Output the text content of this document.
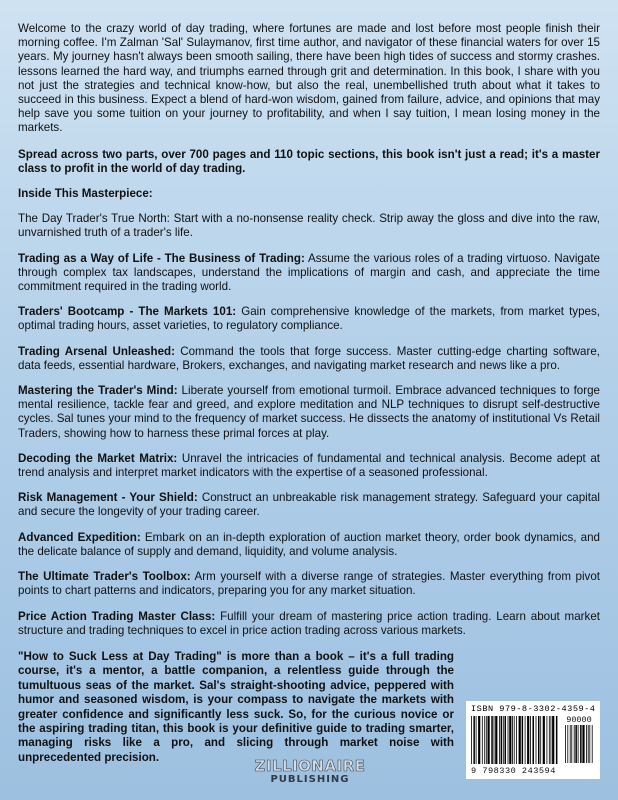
Welcome to the crazy world of day trading, where fortunes are made and lost before most people finish their morning coffee. I'm Zalman 'Sal' Sulaymanov, first time author, and navigator of these financial waters for over 15 years. My journey hasn't always been smooth sailing, there have been high tides of success and stormy crashes. lessons learned the hard way, and triumphs earned through grit and determination. In this book, I share with you not just the strategies and technical know-how, but also the real, unembellished truth about what it takes to succeed in this business. Expect a blend of hard-won wisdom, gained from failure, advice, and opinions that may help save you some tuition on your journey to profitability, and when I say tuition, I mean losing money in the markets.

Spread across two parts, over 700 pages and 110 topic sections, this book isn't just a read; it's a master class to profit in the world of day trading.

Inside This Masterpiece:

The Day Trader's True North: Start with a no-nonsense reality check. Strip away the gloss and dive into the raw, unvarnished truth of a trader's life.

Trading as a Way of Life - The Business of Trading: Assume the various roles of a trading virtuoso. Navigate through complex tax landscapes, understand the implications of margin and cash, and appreciate the time commitment required in the trading world.

Traders' Bootcamp - The Markets 101: Gain comprehensive knowledge of the markets, from market types, optimal trading hours, asset varieties, to regulatory compliance.

Trading Arsenal Unleashed: Command the tools that forge success. Master cutting-edge charting software, data feeds, essential hardware, Brokers, exchanges, and navigating market research and news like a pro.

Mastering the Trader's Mind: Liberate yourself from emotional turmoil. Embrace advanced techniques to forge mental resilience, tackle fear and greed, and explore meditation and NLP techniques to disrupt self-destructive cycles. Sal tunes your mind to the frequency of market success. He dissects the anatomy of institutional Vs Retail Traders, showing how to harness these primal forces at play.

Decoding the Market Matrix: Unravel the intricacies of fundamental and technical analysis. Become adept at trend analysis and interpret market indicators with the expertise of a seasoned professional.

Risk Management - Your Shield: Construct an unbreakable risk management strategy. Safeguard your capital and secure the longevity of your trading career.

Advanced Expedition: Embark on an in-depth exploration of auction market theory, order book dynamics, and the delicate balance of supply and demand, liquidity, and volume analysis.

The Ultimate Trader's Toolbox: Arm yourself with a diverse range of strategies. Master everything from pivot points to chart patterns and indicators, preparing you for any market situation.

Price Action Trading Master Class: Fulfill your dream of mastering price action trading. Learn about market structure and trading techniques to excel in price action trading across various markets.

"How to Suck Less at Day Trading" is more than a book – it's a full trading course, it's a mentor, a battle companion, a relentless guide through the tumultuous seas of the market. Sal's straight-shooting advice, peppered with humor and seasoned wisdom, is your compass to navigate the markets with greater confidence and significantly less suck. So, for the curious novice or the aspiring trading titan, this book is your definitive guide to trading smarter, managing risks like a pro, and slicing through market noise with unprecedented precision.

ISBN 979-8-3302-4359-4
90000
9 798330 243594
ZILLIONAIRE
PUBLISHING
